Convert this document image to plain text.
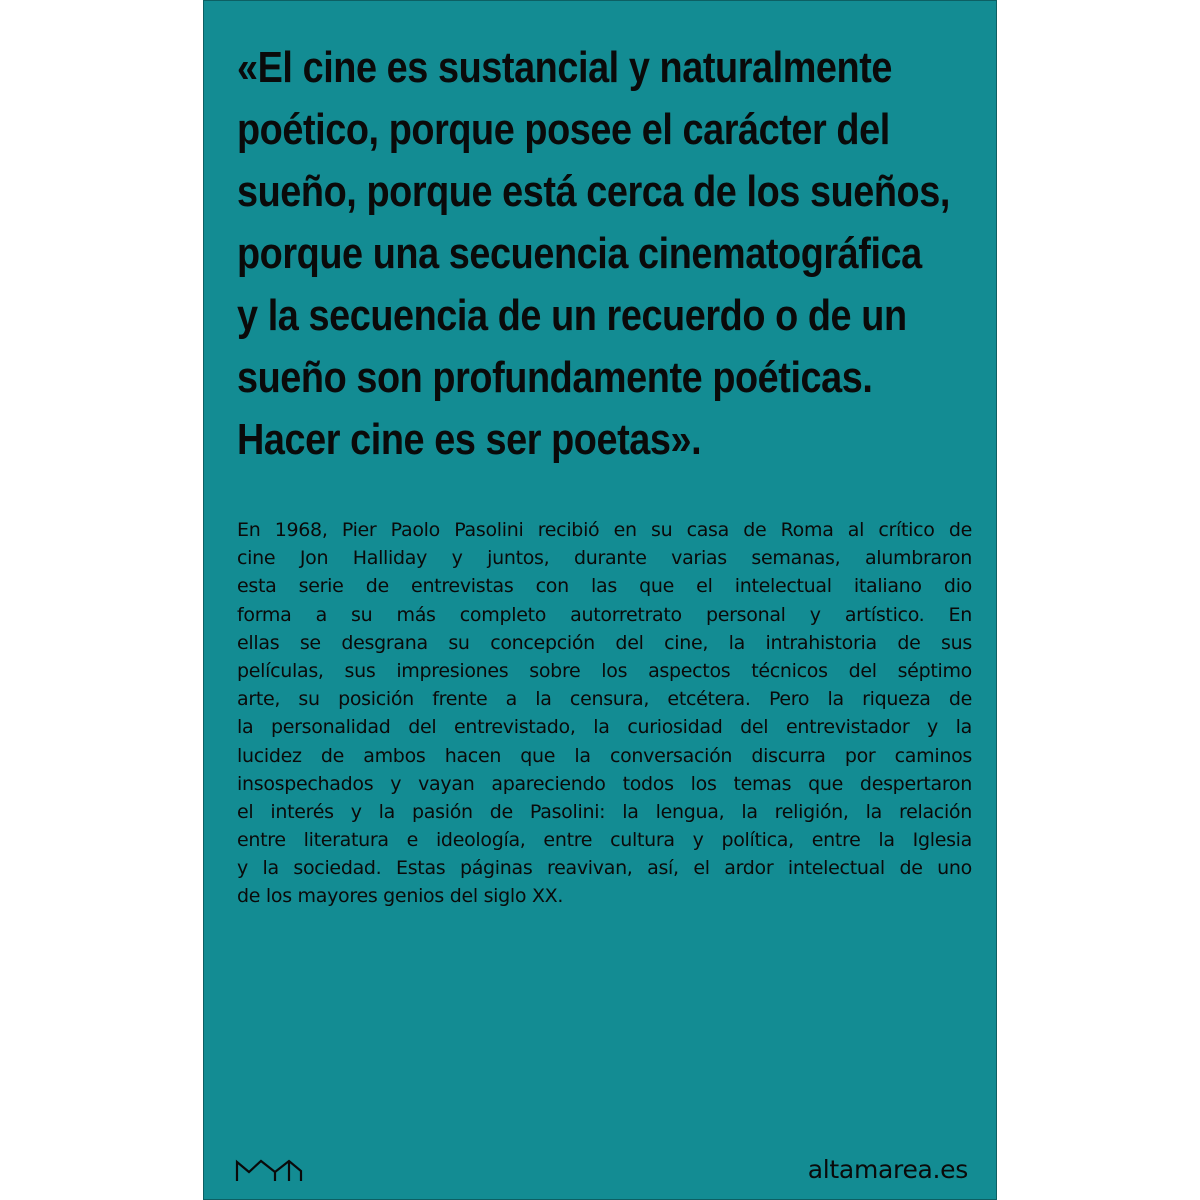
«El cine es sustancial y naturalmente
poético, porque posee el carácter del
sueño, porque está cerca de los sueños,
porque una secuencia cinematográfica
y la secuencia de un recuerdo o de un
sueño son profundamente poéticas.
Hacer cine es ser poetas».
En 1968, Pier Paolo Pasolini recibió en su casa de Roma al crítico de
cine Jon Halliday y juntos, durante varias semanas, alumbraron
esta serie de entrevistas con las que el intelectual italiano dio
forma a su más completo autorretrato personal y artístico. En
ellas se desgrana su concepción del cine, la intrahistoria de sus
películas, sus impresiones sobre los aspectos técnicos del séptimo
arte, su posición frente a la censura, etcétera. Pero la riqueza de
la personalidad del entrevistado, la curiosidad del entrevistador y la
lucidez de ambos hacen que la conversación discurra por caminos
insospechados y vayan apareciendo todos los temas que despertaron
el interés y la pasión de Pasolini: la lengua, la religión, la relación
entre literatura e ideología, entre cultura y política, entre la Iglesia
y la sociedad. Estas páginas reavivan, así, el ardor intelectual de uno
de los mayores genios del siglo XX.
altamarea.es
